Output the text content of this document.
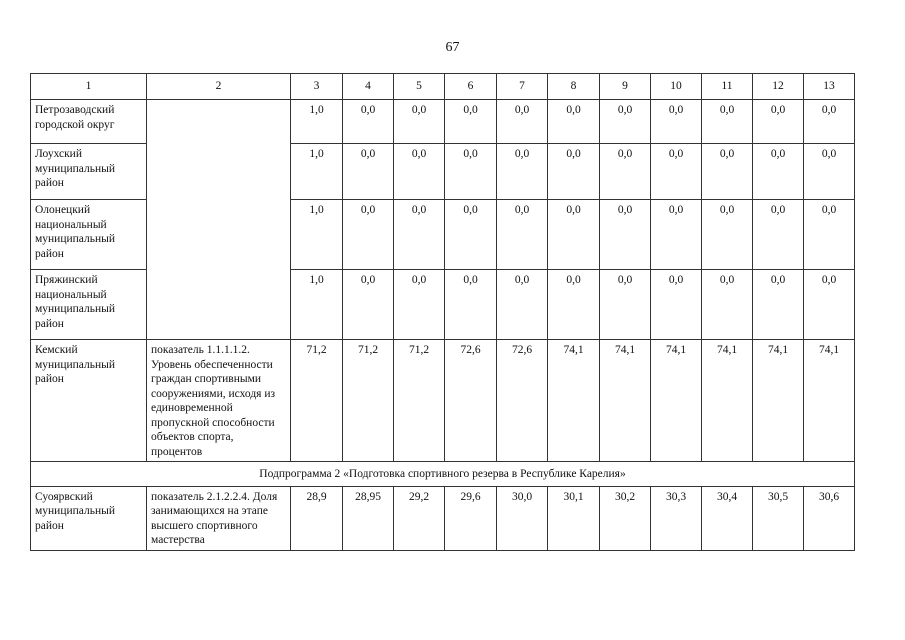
67
1	2	3	4	5	6	7	8	9	10	11	12	13
Петрозаводский городской округ		1,0	0,0	0,0	0,0	0,0	0,0	0,0	0,0	0,0	0,0	0,0
Лоухский муниципальный район		1,0	0,0	0,0	0,0	0,0	0,0	0,0	0,0	0,0	0,0	0,0
Олонецкий национальный муниципальный район		1,0	0,0	0,0	0,0	0,0	0,0	0,0	0,0	0,0	0,0	0,0
Пряжинский национальный муниципальный район		1,0	0,0	0,0	0,0	0,0	0,0	0,0	0,0	0,0	0,0	0,0
Кемский муниципальный район	показатель 1.1.1.1.2. Уровень обеспеченности граждан спортивными сооружениями, исходя из единовременной пропускной способности объектов спорта, процентов	71,2	71,2	71,2	72,6	72,6	74,1	74,1	74,1	74,1	74,1	74,1
Подпрограмма 2 «Подготовка спортивного резерва в Республике Карелия»												
Суоярвский муниципальный район	показатель 2.1.2.2.4. Доля занимающихся на этапе высшего спортивного мастерства	28,9	28,95	29,2	29,6	30,0	30,1	30,2	30,3	30,4	30,5	30,6
